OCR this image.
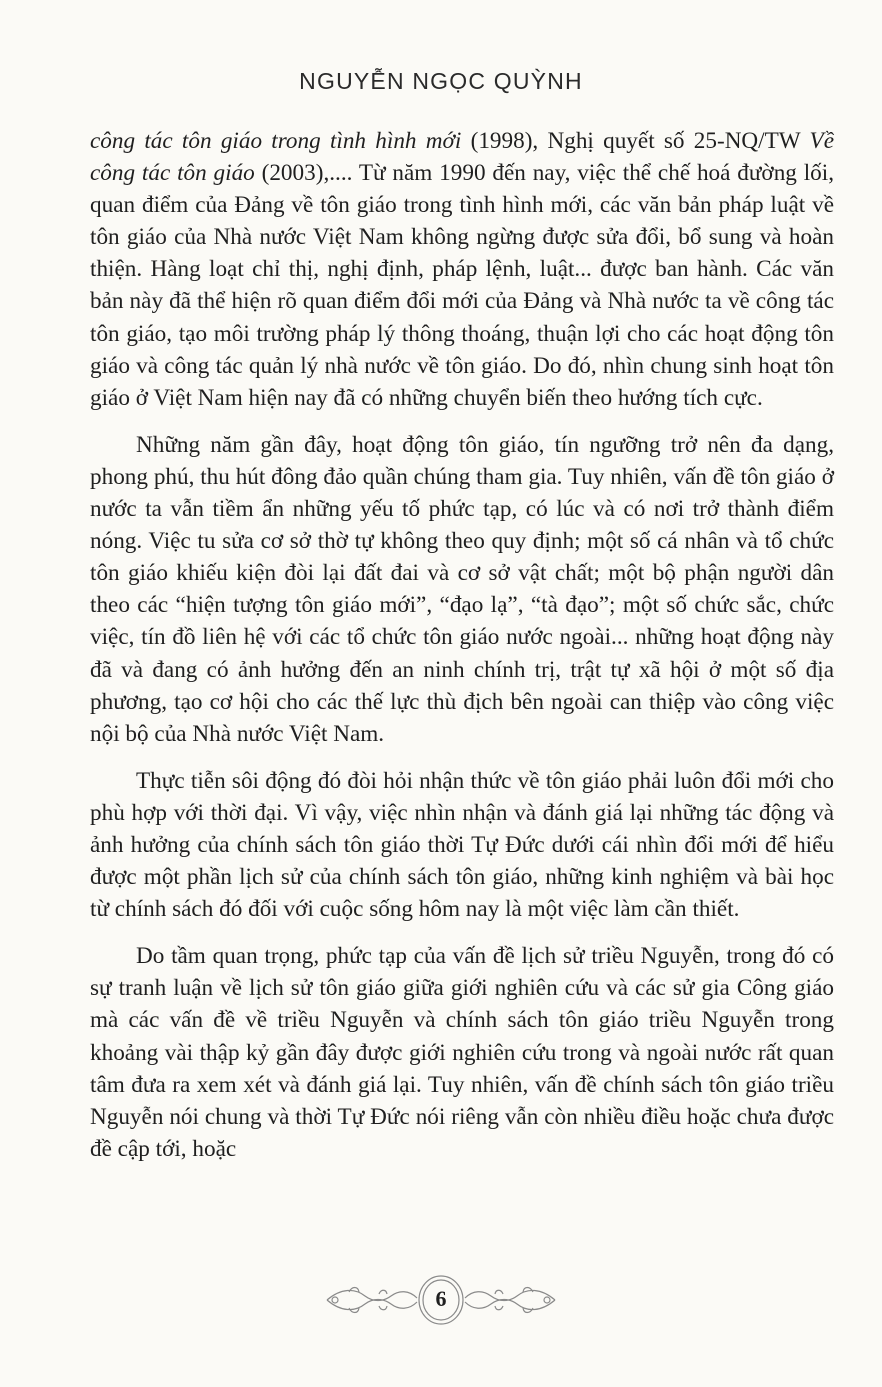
NGUYỄN NGỌC QUỲNH

công tác tôn giáo trong tình hình mới (1998), Nghị quyết số 25-NQ/TW Về công tác tôn giáo (2003),.... Từ năm 1990 đến nay, việc thể chế hoá đường lối, quan điểm của Đảng về tôn giáo trong tình hình mới, các văn bản pháp luật về tôn giáo của Nhà nước Việt Nam không ngừng được sửa đổi, bổ sung và hoàn thiện. Hàng loạt chỉ thị, nghị định, pháp lệnh, luật... được ban hành. Các văn bản này đã thể hiện rõ quan điểm đổi mới của Đảng và Nhà nước ta về công tác tôn giáo, tạo môi trường pháp lý thông thoáng, thuận lợi cho các hoạt động tôn giáo và công tác quản lý nhà nước về tôn giáo. Do đó, nhìn chung sinh hoạt tôn giáo ở Việt Nam hiện nay đã có những chuyển biến theo hướng tích cực.

Những năm gần đây, hoạt động tôn giáo, tín ngưỡng trở nên đa dạng, phong phú, thu hút đông đảo quần chúng tham gia. Tuy nhiên, vấn đề tôn giáo ở nước ta vẫn tiềm ẩn những yếu tố phức tạp, có lúc và có nơi trở thành điểm nóng. Việc tu sửa cơ sở thờ tự không theo quy định; một số cá nhân và tổ chức tôn giáo khiếu kiện đòi lại đất đai và cơ sở vật chất; một bộ phận người dân theo các “hiện tượng tôn giáo mới”, “đạo lạ”, “tà đạo”; một số chức sắc, chức việc, tín đồ liên hệ với các tổ chức tôn giáo nước ngoài... những hoạt động này đã và đang có ảnh hưởng đến an ninh chính trị, trật tự xã hội ở một số địa phương, tạo cơ hội cho các thế lực thù địch bên ngoài can thiệp vào công việc nội bộ của Nhà nước Việt Nam.

Thực tiễn sôi động đó đòi hỏi nhận thức về tôn giáo phải luôn đổi mới cho phù hợp với thời đại. Vì vậy, việc nhìn nhận và đánh giá lại những tác động và ảnh hưởng của chính sách tôn giáo thời Tự Đức dưới cái nhìn đổi mới để hiểu được một phần lịch sử của chính sách tôn giáo, những kinh nghiệm và bài học từ chính sách đó đối với cuộc sống hôm nay là một việc làm cần thiết.

Do tầm quan trọng, phức tạp của vấn đề lịch sử triều Nguyễn, trong đó có sự tranh luận về lịch sử tôn giáo giữa giới nghiên cứu và các sử gia Công giáo mà các vấn đề về triều Nguyễn và chính sách tôn giáo triều Nguyễn trong khoảng vài thập kỷ gần đây được giới nghiên cứu trong và ngoài nước rất quan tâm đưa ra xem xét và đánh giá lại. Tuy nhiên, vấn đề chính sách tôn giáo triều Nguyễn nói chung và thời Tự Đức nói riêng vẫn còn nhiều điều hoặc chưa được đề cập tới, hoặc

6
